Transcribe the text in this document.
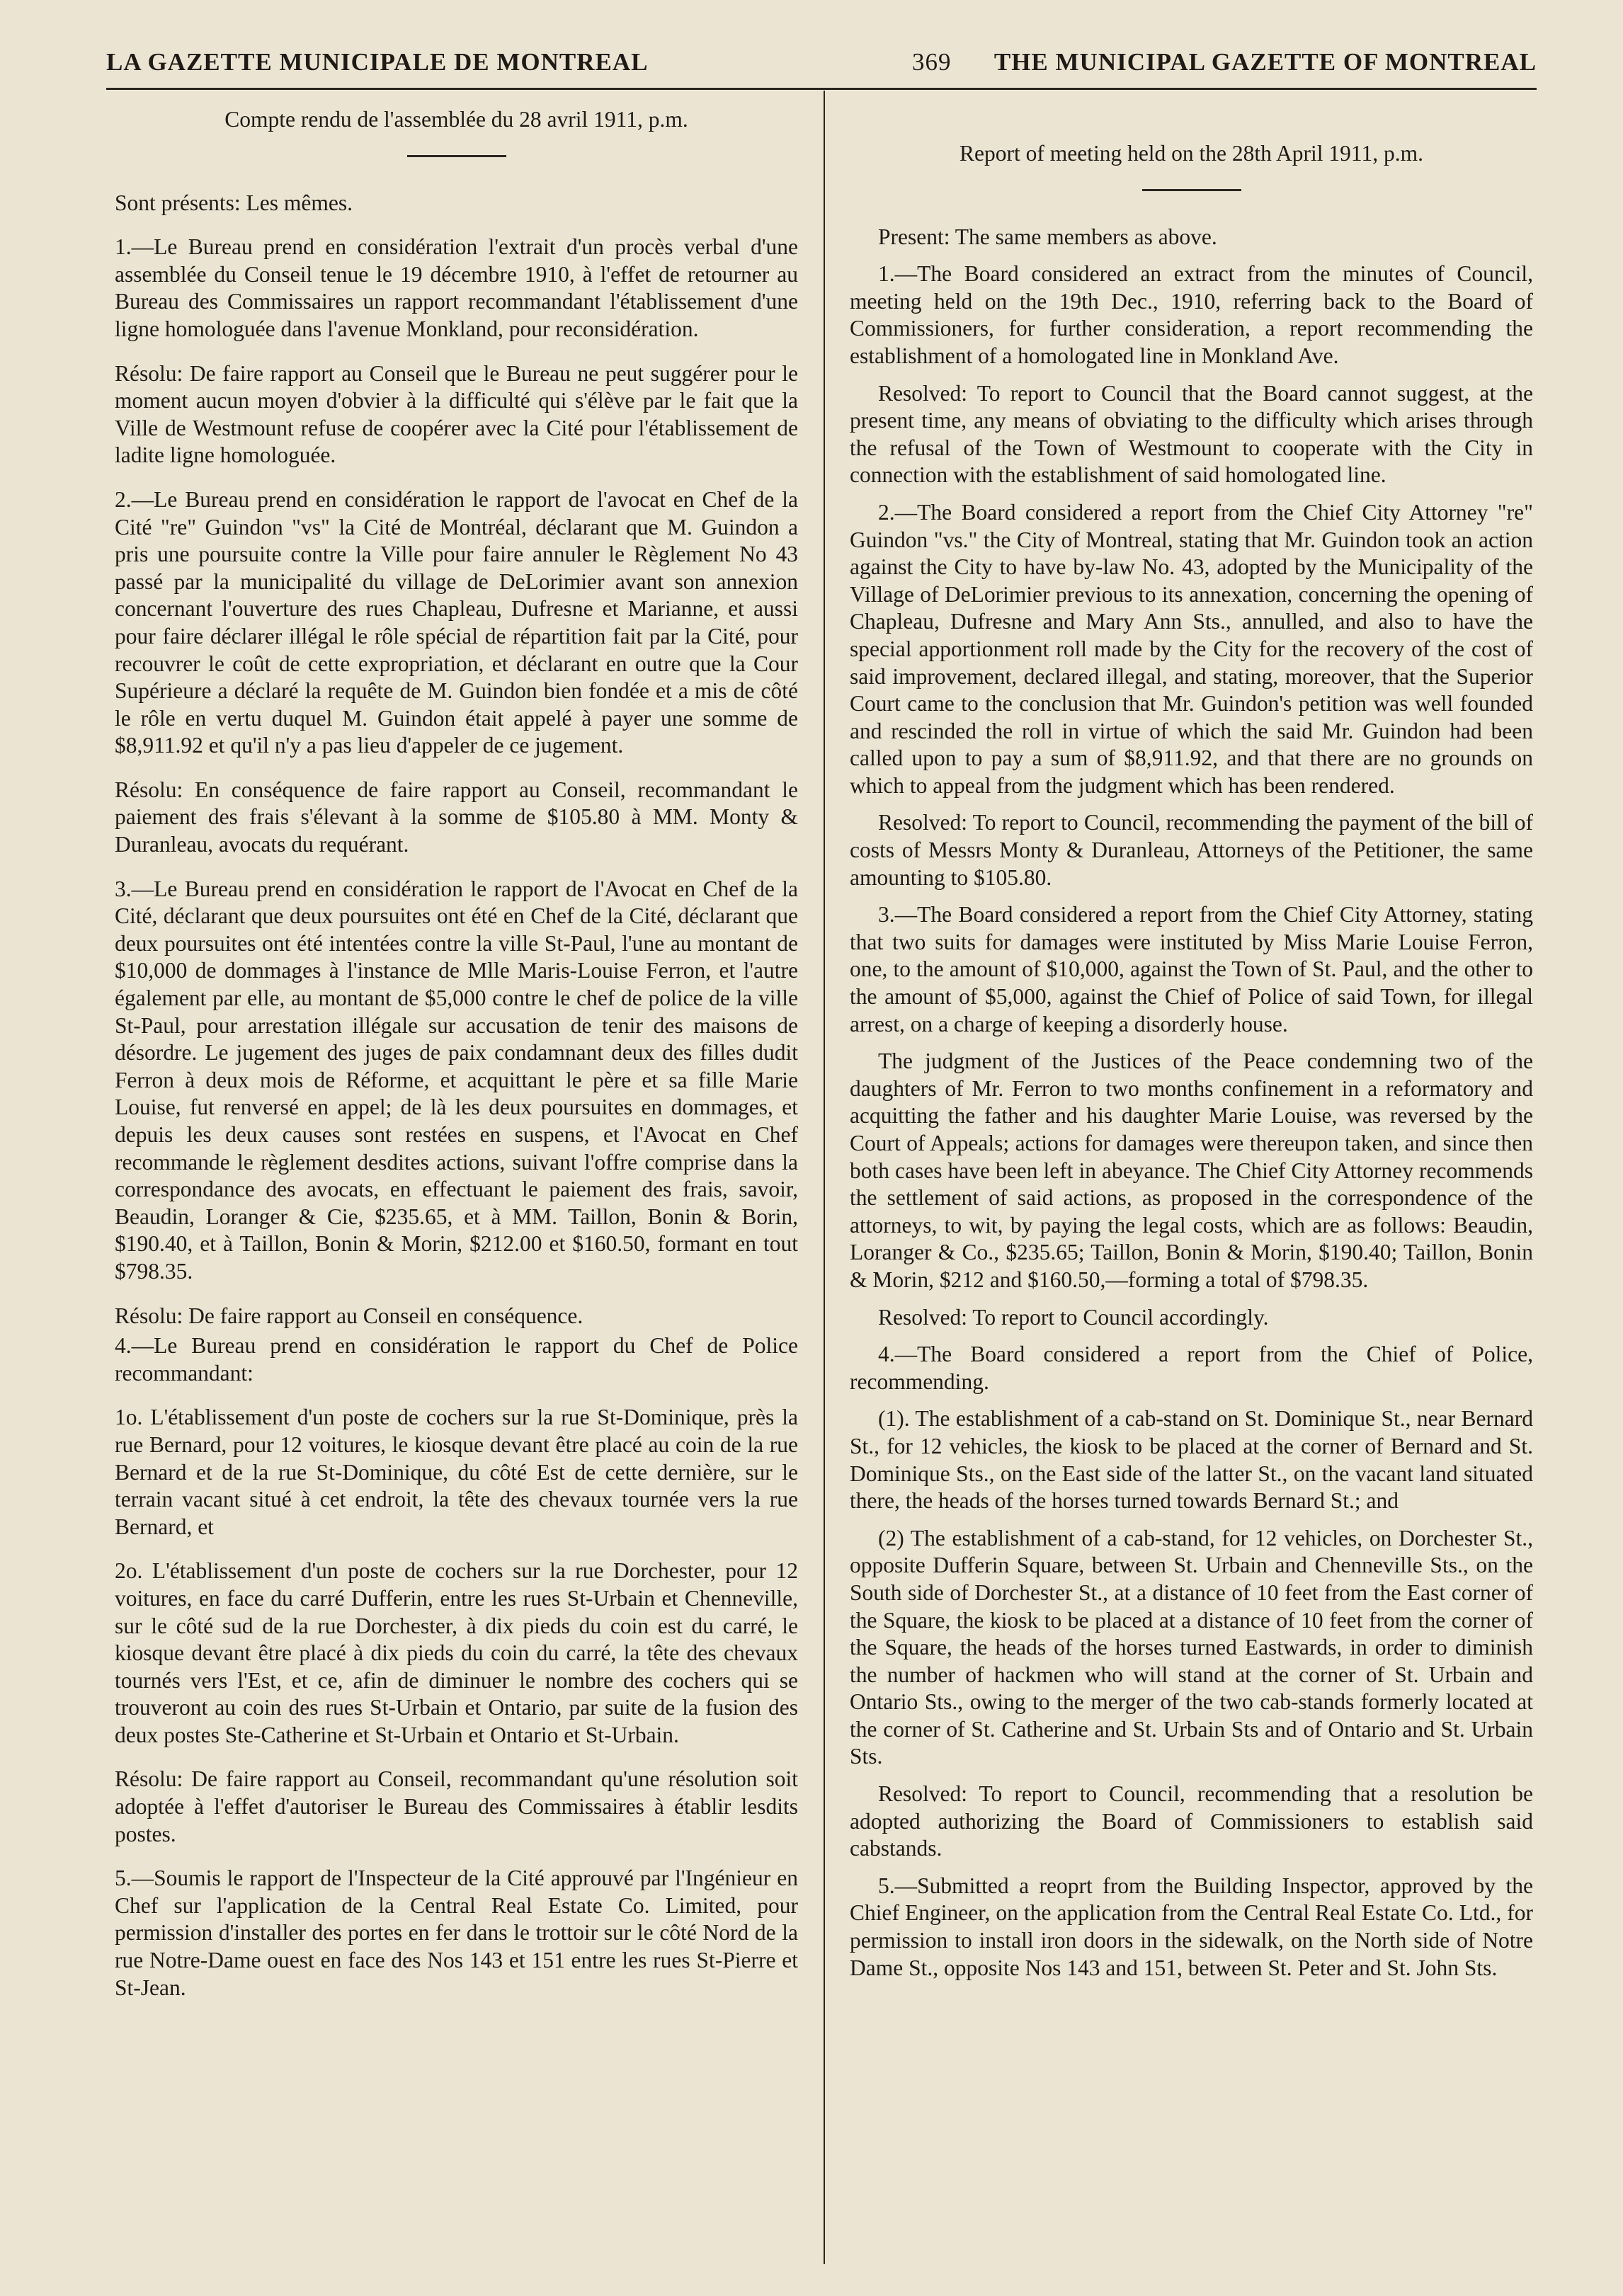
LA GAZETTE MUNICIPALE DE MONTREAL	369 THE MUNICIPAL GAZETTE OF MONTREAL
Compte rendu de l'assemblée du 28 avril 1911, p.m.

Sont présents: Les mêmes.

1.—Le Bureau prend en considération l'extrait d'un procès verbal d'une assemblée du Conseil tenue le 19 décembre 1910, à l'effet de retourner au Bureau des Commissaires un rapport recommandant l'établissement d'une ligne homologuée dans l'avenue Monkland, pour reconsidération.

Résolu: De faire rapport au Conseil que le Bureau ne peut suggérer pour le moment aucun moyen d'obvier à la difficulté qui s'élève par le fait que la Ville de Westmount refuse de coopérer avec la Cité pour l'établissement de ladite ligne homologuée.

2.—Le Bureau prend en considération le rapport de l'avocat en Chef de la Cité "re" Guindon "vs" la Cité de Montréal, déclarant que M. Guindon a pris une poursuite contre la Ville pour faire annuler le Règlement No 43 passé par la municipalité du village de DeLorimier avant son annexion concernant l'ouverture des rues Chapleau, Dufresne et Marianne, et aussi pour faire déclarer illégal le rôle spécial de répartition fait par la Cité, pour recouvrer le coût de cette expropriation, et déclarant en outre que la Cour Supérieure a déclaré la requête de M. Guindon bien fondée et a mis de côté le rôle en vertu duquel M. Guindon était appelé à payer une somme de $8,911.92 et qu'il n'y a pas lieu d'appeler de ce jugement.

Résolu: En conséquence de faire rapport au Conseil, recommandant le paiement des frais s'élevant à la somme de $105.80 à MM. Monty & Duranleau, avocats du requérant.

3.—Le Bureau prend en considération le rapport de l'Avocat en Chef de la Cité, déclarant que deux poursuites ont été en Chef de la Cité, déclarant que deux poursuites ont été intentées contre la ville St-Paul, l'une au montant de $10,000 de dommages à l'instance de Mlle Maris-Louise Ferron, et l'autre également par elle, au montant de $5,000 contre le chef de police de la ville St-Paul, pour arrestation illégale sur accusation de tenir des maisons de désordre. Le jugement des juges de paix condamnant deux des filles dudit Ferron à deux mois de Réforme, et acquittant le père et sa fille Marie Louise, fut renversé en appel; de là les deux poursuites en dommages, et depuis les deux causes sont restées en suspens, et l'Avocat en Chef recommande le règlement desdites actions, suivant l'offre comprise dans la correspondance des avocats, en effectuant le paiement des frais, savoir, Beaudin, Loranger & Cie, $235.65, et à MM. Taillon, Bonin & Borin, $190.40, et à Taillon, Bonin & Morin, $212.00 et $160.50, formant en tout $798.35.

Résolu: De faire rapport au Conseil en conséquence.

4.—Le Bureau prend en considération le rapport du Chef de Police recommandant:

1o. L'établissement d'un poste de cochers sur la rue St-Dominique, près la rue Bernard, pour 12 voitures, le kiosque devant être placé au coin de la rue Bernard et de la rue St-Dominique, du côté Est de cette dernière, sur le terrain vacant situé à cet endroit, la tête des chevaux tournée vers la rue Bernard, et

2o. L'établissement d'un poste de cochers sur la rue Dorchester, pour 12 voitures, en face du carré Dufferin, entre les rues St-Urbain et Chenneville, sur le côté sud de la rue Dorchester, à dix pieds du coin est du carré, le kiosque devant être placé à dix pieds du coin du carré, la tête des chevaux tournés vers l'Est, et ce, afin de diminuer le nombre des cochers qui se trouveront au coin des rues St-Urbain et Ontario, par suite de la fusion des deux postes Ste-Catherine et St-Urbain et Ontario et St-Urbain.

Résolu: De faire rapport au Conseil, recommandant qu'une résolution soit adoptée à l'effet d'autoriser le Bureau des Commissaires à établir lesdits postes.

5.—Soumis le rapport de l'Inspecteur de la Cité approuvé par l'Ingénieur en Chef sur l'application de la Central Real Estate Co. Limited, pour permission d'installer des portes en fer dans le trottoir sur le côté Nord de la rue Notre-Dame ouest en face des Nos 143 et 151 entre les rues St-Pierre et St-Jean.

Report of meeting held on the 28th April 1911, p.m.

Present: The same members as above.

1.—The Board considered an extract from the minutes of Council, meeting held on the 19th Dec., 1910, referring back to the Board of Commissioners, for further consideration, a report recommending the establishment of a homologated line in Monkland Ave.

Resolved: To report to Council that the Board cannot suggest, at the present time, any means of obviating to the difficulty which arises through the refusal of the Town of Westmount to cooperate with the City in connection with the establishment of said homologated line.

2.—The Board considered a report from the Chief City Attorney "re" Guindon "vs." the City of Montreal, stating that Mr. Guindon took an action against the City to have by-law No. 43, adopted by the Municipality of the Village of DeLorimier previous to its annexation, concerning the opening of Chapleau, Dufresne and Mary Ann Sts., annulled, and also to have the special apportionment roll made by the City for the recovery of the cost of said improvement, declared illegal, and stating, moreover, that the Superior Court came to the conclusion that Mr. Guindon's petition was well founded and rescinded the roll in virtue of which the said Mr. Guindon had been called upon to pay a sum of $8,911.92, and that there are no grounds on which to appeal from the judgment which has been rendered.

Resolved: To report to Council, recommending the payment of the bill of costs of Messrs Monty & Duranleau, Attorneys of the Petitioner, the same amounting to $105.80.

3.—The Board considered a report from the Chief City Attorney, stating that two suits for damages were instituted by Miss Marie Louise Ferron, one, to the amount of $10,000, against the Town of St. Paul, and the other to the amount of $5,000, against the Chief of Police of said Town, for illegal arrest, on a charge of keeping a disorderly house.

The judgment of the Justices of the Peace condemning two of the daughters of Mr. Ferron to two months confinement in a reformatory and acquitting the father and his daughter Marie Louise, was reversed by the Court of Appeals; actions for damages were thereupon taken, and since then both cases have been left in abeyance. The Chief City Attorney recommends the settlement of said actions, as proposed in the correspondence of the attorneys, to wit, by paying the legal costs, which are as follows: Beaudin, Loranger & Co., $235.65; Taillon, Bonin & Morin, $190.40; Taillon, Bonin & Morin, $212 and $160.50,—forming a total of $798.35.

Resolved: To report to Council accordingly.

4.—The Board considered a report from the Chief of Police, recommending.

(1). The establishment of a cab-stand on St. Dominique St., near Bernard St., for 12 vehicles, the kiosk to be placed at the corner of Bernard and St. Dominique Sts., on the East side of the latter St., on the vacant land situated there, the heads of the horses turned towards Bernard St.; and

(2) The establishment of a cab-stand, for 12 vehicles, on Dorchester St., opposite Dufferin Square, between St. Urbain and Chenneville Sts., on the South side of Dorchester St., at a distance of 10 feet from the East corner of the Square, the kiosk to be placed at a distance of 10 feet from the corner of the Square, the heads of the horses turned Eastwards, in order to diminish the number of hackmen who will stand at the corner of St. Urbain and Ontario Sts., owing to the merger of the two cab-stands formerly located at the corner of St. Catherine and St. Urbain Sts and of Ontario and St. Urbain Sts.

Resolved: To report to Council, recommending that a resolution be adopted authorizing the Board of Commissioners to establish said cabstands.

5.—Submitted a reoprt from the Building Inspector, approved by the Chief Engineer, on the application from the Central Real Estate Co. Ltd., for permission to install iron doors in the sidewalk, on the North side of Notre Dame St., opposite Nos 143 and 151, between St. Peter and St. John Sts.
